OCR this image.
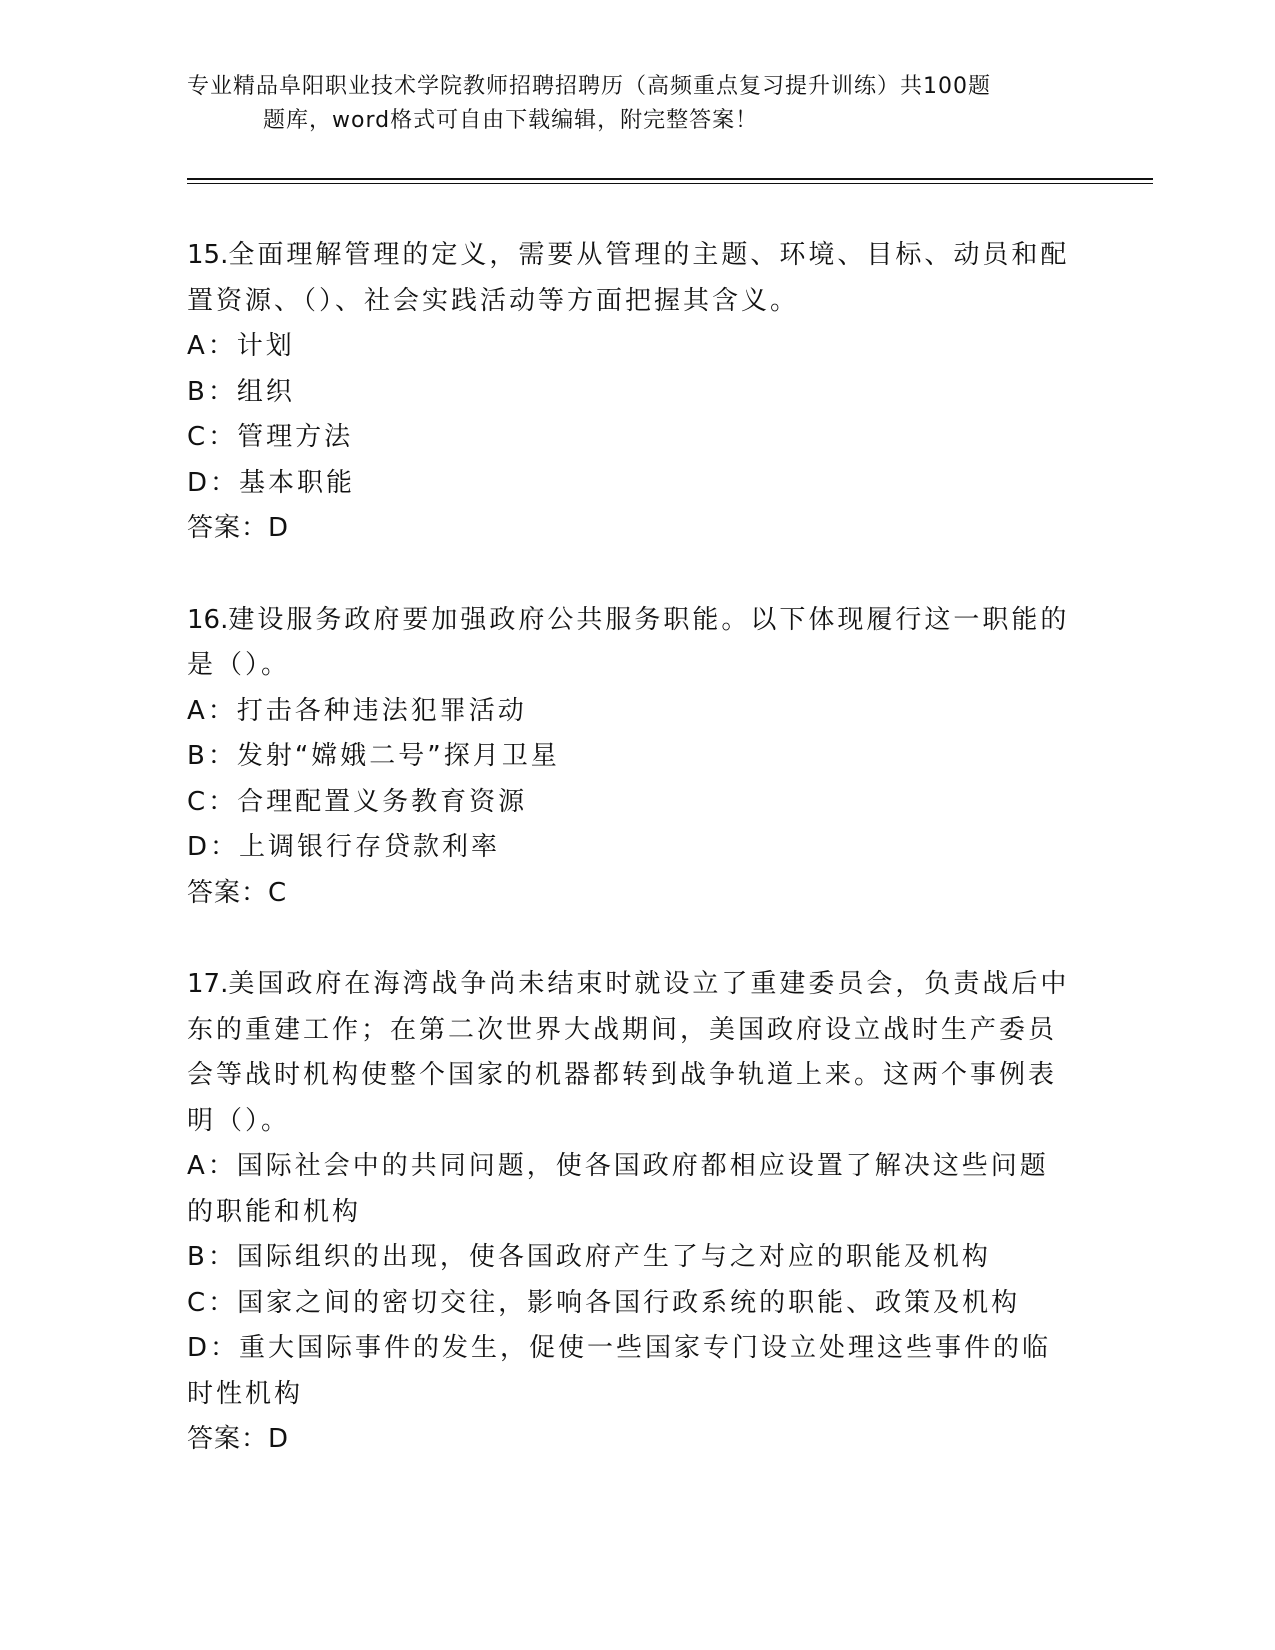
专业精品阜阳职业技术学院教师招聘招聘历（高频重点复习提升训练）共100题
题库，word格式可自由下载编辑，附完整答案！
15.全面理解管理的定义，需要从管理的主题、环境、目标、动员和配置资源、（）、社会实践活动等方面把握其含义。
A：计划
B：组织
C：管理方法
D：基本职能
答案：D
16.建设服务政府要加强政府公共服务职能。以下体现履行这一职能的是（）。
A：打击各种违法犯罪活动
B：发射“嫦娥二号”探月卫星
C：合理配置义务教育资源
D：上调银行存贷款利率
答案：C
17.美国政府在海湾战争尚未结束时就设立了重建委员会，负责战后中东的重建工作；在第二次世界大战期间，美国政府设立战时生产委员会等战时机构使整个国家的机器都转到战争轨道上来。这两个事例表明（）。
A：国际社会中的共同问题，使各国政府都相应设置了解决这些问题的职能和机构
B：国际组织的出现，使各国政府产生了与之对应的职能及机构
C：国家之间的密切交往，影响各国行政系统的职能、政策及机构
D：重大国际事件的发生，促使一些国家专门设立处理这些事件的临时性机构
答案：D
